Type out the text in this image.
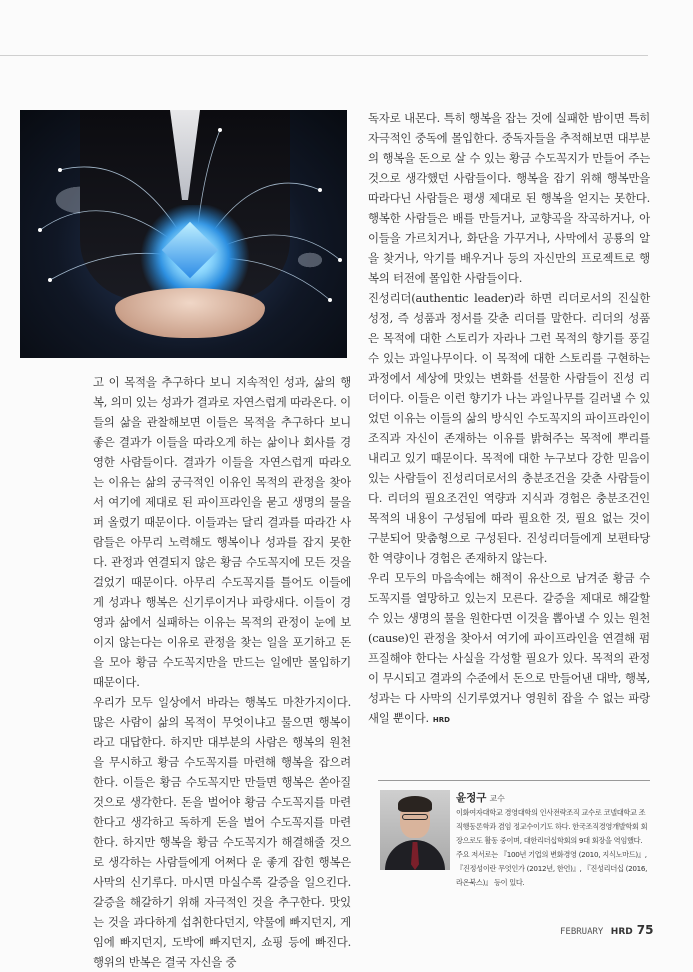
고 이 목적을 추구하다 보니 지속적인 성과, 삶의 행복, 의미 있는 성과가 결과로 자연스럽게 따라온다. 이들의 삶을 관찰해보면 이들은 목적을 추구하다 보니 좋은 결과가 이들을 따라오게 하는 삶이나 회사를 경영한 사람들이다. 결과가 이들을 자연스럽게 따라오는 이유는 삶의 궁극적인 이유인 목적의 관정을 찾아서 여기에 제대로 된 파이프라인을 묻고 생명의 물을 퍼 올렸기 때문이다. 이들과는 달리 결과를 따라간 사람들은 아무리 노력해도 행복이나 성과를 잡지 못한다. 관정과 연결되지 않은 황금 수도꼭지에 모든 것을 걸었기 때문이다. 아무리 수도꼭지를 틀어도 이들에게 성과나 행복은 신기루이거나 파랑새다. 이들이 경영과 삶에서 실패하는 이유는 목적의 관정이 눈에 보이지 않는다는 이유로 관정을 찾는 일을 포기하고 돈을 모아 황금 수도꼭지만을 만드는 일에만 몰입하기 때문이다.

우리가 모두 일상에서 바라는 행복도 마찬가지이다. 많은 사람이 삶의 목적이 무엇이냐고 물으면 행복이라고 대답한다. 하지만 대부분의 사람은 행복의 원천을 무시하고 황금 수도꼭지를 마련해 행복을 잡으려 한다. 이들은 황금 수도꼭지만 만들면 행복은 쏟아질 것으로 생각한다. 돈을 벌어야 황금 수도꼭지를 마련한다고 생각하고 독하게 돈을 벌어 수도꼭지를 마련한다. 하지만 행복을 황금 수도꼭지가 해결해줄 것으로 생각하는 사람들에게 어쩌다 운 좋게 잡힌 행복은 사막의 신기루다. 마시면 마실수록 갈증을 일으킨다. 갈증을 해갈하기 위해 자극적인 것을 추구한다. 맛있는 것을 과다하게 섭취한다던지, 약물에 빠지던지, 게임에 빠지던지, 도박에 빠지던지, 쇼핑 등에 빠진다. 행위의 반복은 결국 자신을 중

독자로 내몬다. 특히 행복을 잡는 것에 실패한 밤이면 특히 자극적인 중독에 몰입한다. 중독자들을 추적해보면 대부분의 행복을 돈으로 살 수 있는 황금 수도꼭지가 만들어 주는 것으로 생각했던 사람들이다. 행복을 잡기 위해 행복만을 따라다닌 사람들은 평생 제대로 된 행복을 얻지는 못한다. 행복한 사람들은 배를 만들거나, 교향곡을 작곡하거나, 아이들을 가르치거나, 화단을 가꾸거나, 사막에서 공룡의 알을 찾거나, 악기를 배우거나 등의 자신만의 프로젝트로 행복의 터전에 몰입한 사람들이다.

진성리더(authentic leader)라 하면 리더로서의 진실한 성정, 즉 성품과 정서를 갖춘 리더를 말한다. 리더의 성품은 목적에 대한 스토리가 자라나 그런 목적의 향기를 풍길 수 있는 과일나무이다. 이 목적에 대한 스토리를 구현하는 과정에서 세상에 맛있는 변화를 선물한 사람들이 진성 리더이다. 이들은 이런 향기가 나는 과일나무를 길러낼 수 있었던 이유는 이들의 삶의 방식인 수도꼭지의 파이프라인이 조직과 자신이 존재하는 이유를 밝혀주는 목적에 뿌리를 내리고 있기 때문이다. 목적에 대한 누구보다 강한 믿음이 있는 사람들이 진성리더로서의 충분조건을 갖춘 사람들이다. 리더의 필요조건인 역량과 지식과 경험은 충분조건인 목적의 내용이 구성됨에 따라 필요한 것, 필요 없는 것이 구분되어 맞춤형으로 구성된다. 진성리더들에게 보편타당한 역량이나 경험은 존재하지 않는다.

우리 모두의 마음속에는 해적이 유산으로 남겨준 황금 수도꼭지를 열망하고 있는지 모른다. 갈증을 제대로 해갈할 수 있는 생명의 물을 원한다면 이것을 뽑아낼 수 있는 원천(cause)인 관정을 찾아서 여기에 파이프라인을 연결해 펌프질해야 한다는 사실을 각성할 필요가 있다. 목적의 관정이 무시되고 결과의 수준에서 돈으로 만들어낸 대박, 행복, 성과는 다 사막의 신기루였거나 영원히 잡을 수 없는 파랑새일 뿐이다. HRD

윤정구 교수
이화여자대학교 경영대학의 인사전략조직 교수로 코넬대학교 조직행동론학과 겸임 정교수이기도 하다. 한국조직경영개발학회 회장으로도 활동 중이며, 대한리더십학회의 9대 회장을 역임했다. 주요 저서로는 『100년 기업의 변화경영 (2010, 지식노마드)』, 『진정성이란 무엇인가 (2012년, 한언)』, 『진성리더십 (2016, 라온북스)』 등이 있다.
FEBRUARY HRD 75
